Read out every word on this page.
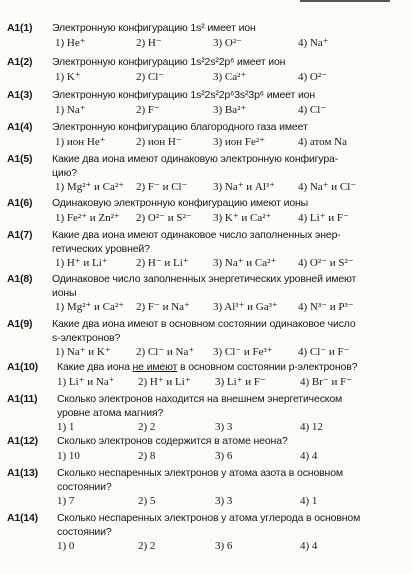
A1(1) Электронную конфигурацию 1s² имеет ион
1) He⁺	2) H⁻	3) O²⁻	4) Na⁺
A1(2) Электронную конфигурацию 1s²2s²2p⁶ имеет ион
1) K⁺	2) Cl⁻	3) Ca²⁺	4) O²⁻
A1(3) Электронную конфигурацию 1s²2s²2p⁶3s²3p⁶ имеет ион
1) Na⁺	2) F⁻	3) Ba²⁺	4) Cl⁻
A1(4) Электронную конфигурацию благородного газа имеет
1) ион He⁺	2) ион H⁻	3) ион Fe²⁺	4) атом Na
A1(5) Какие два иона имеют одинаковую электронную конфигура-
цию?
1) Mg²⁺ и Ca²⁺ 2) F⁻ и Cl⁻ 3) Na⁺ и Al³⁺ 4) Na⁺ и Cl⁻
A1(6) Одинаковую электронную конфигурацию имеют ионы
1) Fe²⁺ и Zn²⁺ 2) O²⁻ и S²⁻ 3) K⁺ и Ca²⁺ 4) Li⁺ и F⁻
A1(7) Какие два иона имеют одинаковое число заполненных энер-
гетических уровней?
1) H⁺ и Li⁺	2) H⁻ и Li⁺ 3) Na⁺ и Ca²⁺ 4) O²⁻ и S²⁻
A1(8) Одинаковое число заполненных энергетических уровней имеют
ионы
1) Mg²⁺ и Ca²⁺ 2) F⁻ и Na⁺ 3) Al³⁺ и Ga³⁺ 4) N³⁻ и P³⁻
A1(9) Какие два иона имеют в основном состоянии одинаковое число
s-электронов?
1) Na⁺ и K⁺ 2) Cl⁻ и Na⁺ 3) Cl⁻ и Fe³⁺ 4) Cl⁻ и F⁻
A1(10) Какие два иона не имеют в основном состоянии p-электронов?
1) Li⁺ и Na⁺ 2) H⁺ и Li⁺ 3) Li⁺ и F⁻	4) Br⁻ и F⁻
A1(11) Сколько электронов находится на внешнем энергетическом
уровне атома магния?
1) 1	2) 2	3) 3	4) 12
A1(12) Сколько электронов содержится в атоме неона?
1) 10	2) 8	3) 6	4) 4
A1(13) Сколько неспаренных электронов у атома азота в основном
состоянии?
1) 7	2) 5	3) 3	4) 1
A1(14) Сколько неспаренных электронов у атома углерода в основном
состоянии?
1) 0	2) 2	3) 6	4) 4
